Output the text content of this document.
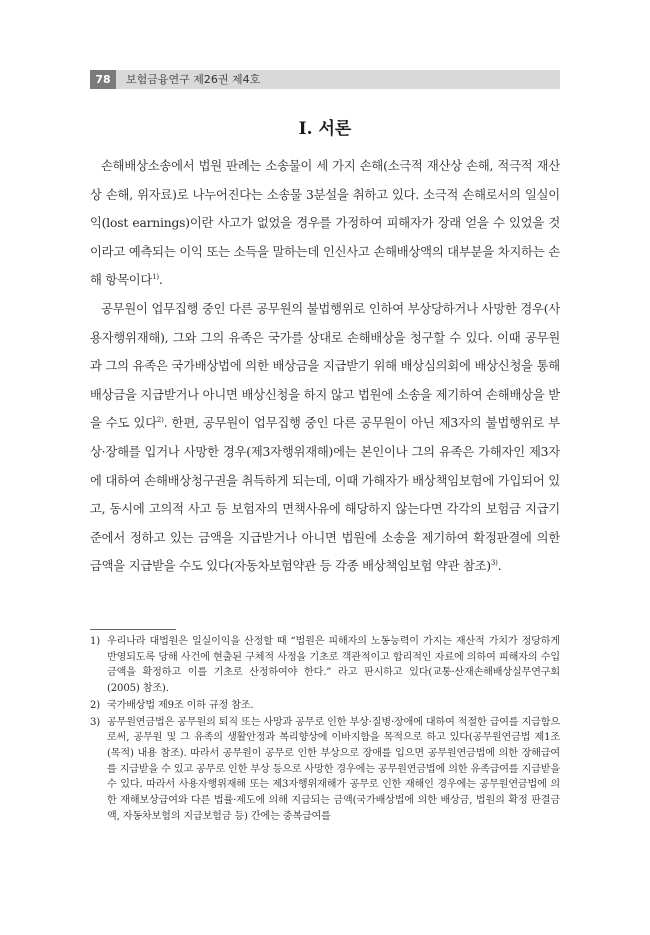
78	보험금융연구 제26권 제4호
I. 서론

손해배상소송에서 법원 판례는 소송물이 세 가지 손해(소극적 재산상 손해, 적극적 재산상 손해, 위자료)로 나누어진다는 소송물 3분설을 취하고 있다. 소극적 손해로서의 일실이익(lost earnings)이란 사고가 없었을 경우를 가정하여 피해자가 장래 얻을 수 있었을 것이라고 예측되는 이익 또는 소득을 말하는데 인신사고 손해배상액의 대부분을 차지하는 손해 항목이다$^{1)}$.

공무원이 업무집행 중인 다른 공무원의 불법행위로 인하여 부상당하거나 사망한 경우(사용자행위재해), 그와 그의 유족은 국가를 상대로 손해배상을 청구할 수 있다. 이때 공무원과 그의 유족은 국가배상법에 의한 배상금을 지급받기 위해 배상심의회에 배상신청을 통해 배상금을 지급받거나 아니면 배상신청을 하지 않고 법원에 소송을 제기하여 손해배상을 받을 수도 있다$^{2)}$. 한편, 공무원이 업무집행 중인 다른 공무원이 아닌 제3자의 불법행위로 부상·장해를 입거나 사망한 경우(제3자행위재해)에는 본인이나 그의 유족은 가해자인 제3자에 대하여 손해배상청구권을 취득하게 되는데, 이때 가해자가 배상책임보험에 가입되어 있고, 동시에 고의적 사고 등 보험자의 면책사유에 해당하지 않는다면 각각의 보험금 지급기준에서 정하고 있는 금액을 지급받거나 아니면 법원에 소송을 제기하여 확정판결에 의한 금액을 지급받을 수도 있다(자동차보험약관 등 각종 배상책임보험 약관 참조)$^{3)}$.

1) 우리나라 대법원은 일실이익을 산정할 때 “법원은 피해자의 노동능력이 가지는 재산적 가치가 정당하게 반영되도록 당해 사건에 현출된 구체적 사정을 기초로 객관적이고 합리적인 자료에 의하여 피해자의 수입금액을 확정하고 이를 기초로 산정하여야 한다.” 라고 판시하고 있다(교통·산재손해배상실무연구회(2005) 참조).
2) 국가배상법 제9조 이하 규정 참조.
3) 공무원연금법은 공무원의 퇴직 또는 사망과 공무로 인한 부상·질병·장애에 대하여 적절한 급여를 지급함으로써, 공무원 및 그 유족의 생활안정과 복리향상에 이바지함을 목적으로 하고 있다(공무원연금법 제1조(목적) 내용 참조). 따라서 공무원이 공무로 인한 부상으로 장애를 입으면 공무원연금법에 의한 장해급여를 지급받을 수 있고 공무로 인한 부상 등으로 사망한 경우에는 공무원연금법에 의한 유족급여를 지급받을 수 있다. 따라서 사용자행위재해 또는 제3자행위재해가 공무로 인한 재해인 경우에는 공무원연금법에 의한 재해보상급여와 다른 법률·제도에 의해 지급되는 금액(국가배상법에 의한 배상금, 법원의 확정 판결금액, 자동차보험의 지급보험금 등) 간에는 중복급여를
